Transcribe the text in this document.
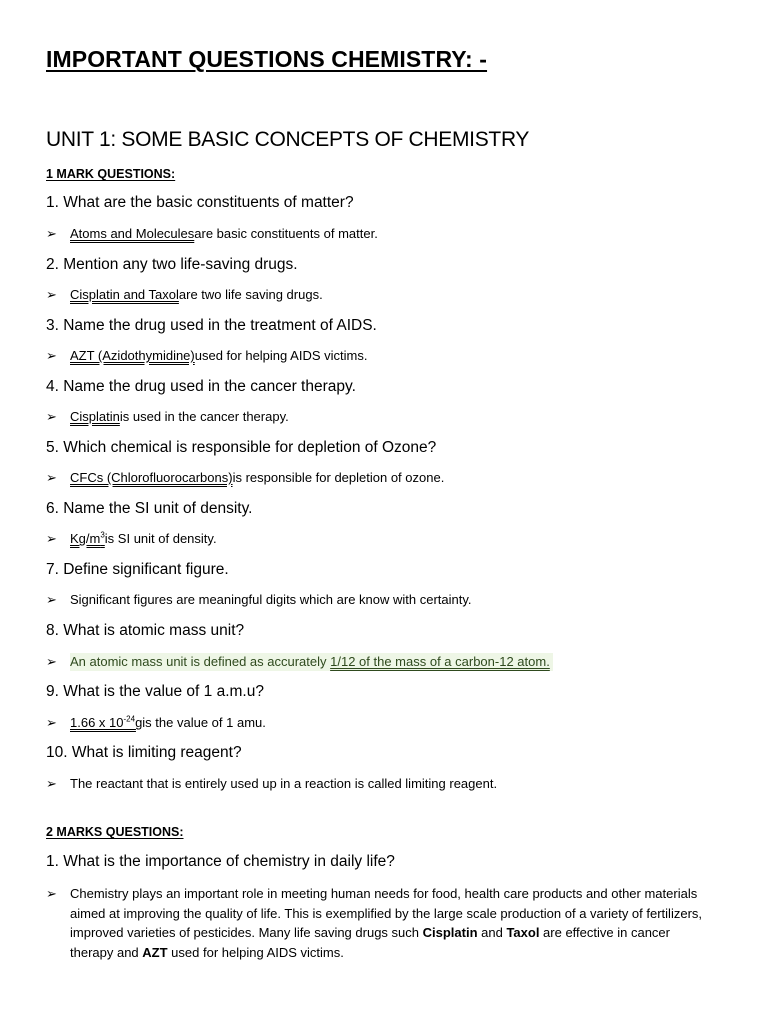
IMPORTANT QUESTIONS CHEMISTRY: -
UNIT 1: SOME BASIC CONCEPTS OF CHEMISTRY
1 MARK QUESTIONS:
1. What are the basic constituents of matter?
➢	Atoms and Molecules are basic constituents of matter.
2. Mention any two life-saving drugs.
➢	Cisplatin and Taxol are two life saving drugs.
3. Name the drug used in the treatment of AIDS.
➢	AZT (Azidothymidine) used for helping AIDS victims.
4. Name the drug used in the cancer therapy.
➢	Cisplatin is used in the cancer therapy.
5. Which chemical is responsible for depletion of Ozone?
➢	CFCs (Chlorofluorocarbons) is responsible for depletion of ozone.
6. Name the SI unit of density.
➢	$Kg/m^3$ is SI unit of density.
7. Define significant figure.
➢	Significant figures are meaningful digits which are know with certainty.
8. What is atomic mass unit?
➢	An atomic mass unit is defined as accurately 1/12 of the mass of a carbon-12 atom.
9. What is the value of 1 a.m.u?
➢	1.66 x $10^{-24}g$ is the value of 1 amu.
10. What is limiting reagent?
➢	The reactant that is entirely used up in a reaction is called limiting reagent.
2 MARKS QUESTIONS:
1. What is the importance of chemistry in daily life?
➢	Chemistry plays an important role in meeting human needs for food, health care products and other materials aimed at improving the quality of life. This is exemplified by the large scale production of a variety of fertilizers, improved varieties of pesticides. Many life saving drugs such Cisplatin and Taxol are effective in cancer therapy and AZT used for helping AIDS victims.
